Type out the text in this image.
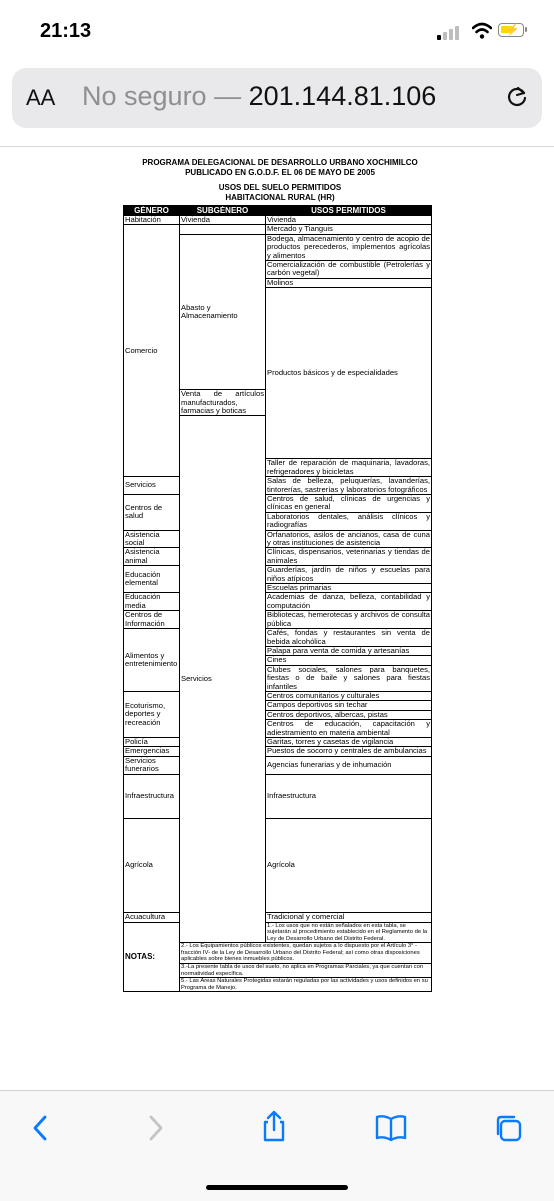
21:13	⚡
AA No seguro — 201.144.81.106
PROGRAMA DELEGACIONAL DE DESARROLLO URBANO XOCHIMILCO
PUBLICADO EN G.O.D.F. EL 06 DE MAYO DE 2005
USOS DEL SUELO PERMITIDOS
HABITACIONAL RURAL (HR)
GÉNERO	SUBGÉNERO	USOS PERMITIDOS	
Habitación	Vivienda	Vivienda	
Comercio		Mercado y Tianguis	
	Abasto y Almacenamiento	Bodega, almacenamiento y centro de acopio de productos perecederos, implementos agrícolas y alimentos	
		Comercialización de combustible (Petrolerías y carbón vegetal)	
		Molinos	
		Productos básicos y de especialidades	
	Venta de artículos manufacturados, farmacias y boticas		
	Servicios		
		Taller de reparación de maquinaria, lavadoras, refrigeradores y bicicletas	
Servicios		Salas de belleza, peluquerías, lavanderías, tintorerías, sastrerías y laboratorios fotográficos	
Centros de salud		Centros de salud, clínicas de urgencias y clínicas en general	
		Laboratorios dentales, análisis clínicos y radiografías	
Asistencia social		Orfanatorios, asilos de ancianos, casa de cuna y otras instituciones de asistencia	
Asistencia animal		Clínicas, dispensarios, veterinarias y tiendas de animales	
Educación elemental		Guarderías, jardín de niños y escuelas para niños atípicos	
		Escuelas primarias	
Educación media		Academias de danza, belleza, contabilidad y computación	
Centros de Información		Bibliotecas, hemerotecas y archivos de consulta pública	
Alimentos y entretenimiento		Cafés, fondas y restaurantes sin venta de bebida alcohólica	
		Palapa para venta de comida y artesanías	
		Cines	
		Clubes sociales, salones para banquetes, fiestas o de baile y salones para fiestas infantiles	
Ecoturismo, deportes y recreación		Centros comunitarios y culturales	
		Campos deportivos sin techar	
		Centros deportivos, albercas, pistas	
		Centros de educación, capacitación y adiestramiento en materia ambiental	
Policía		Garitas, torres y casetas de vigilancia	
Emergencias		Puestos de socorro y centrales de ambulancias	
Servicios funerarios		Agencias funerarias y de inhumación	
Infraestructura		Infraestructura	

Agrícola		Agrícola	

Acuacultura		Tradicional y comercial	
NOTAS:		1.- Los usos que no están señalados en esta tabla, se sujetarán al procedimiento establecido en el Reglamento de la Ley de Desarrollo Urbano del Distrito Federal.	
	2.- Los Equipamientos públicos existentes, quedan sujetos a lo dispuesto por el Artículo 3° -fracción IV- de la Ley de Desarrollo Urbano del Distrito Federal; así como otras disposiciones aplicables sobre bienes inmuebles públicos.		
	3.-La presente tabla de usos del suelo, no aplica en Programas Parciales, ya que cuentan con normatividad específica.		
	5.- Las Áreas Naturales Protegidas estarán reguladas por las actividades y usos definidos en su Programa de Manejo.		
